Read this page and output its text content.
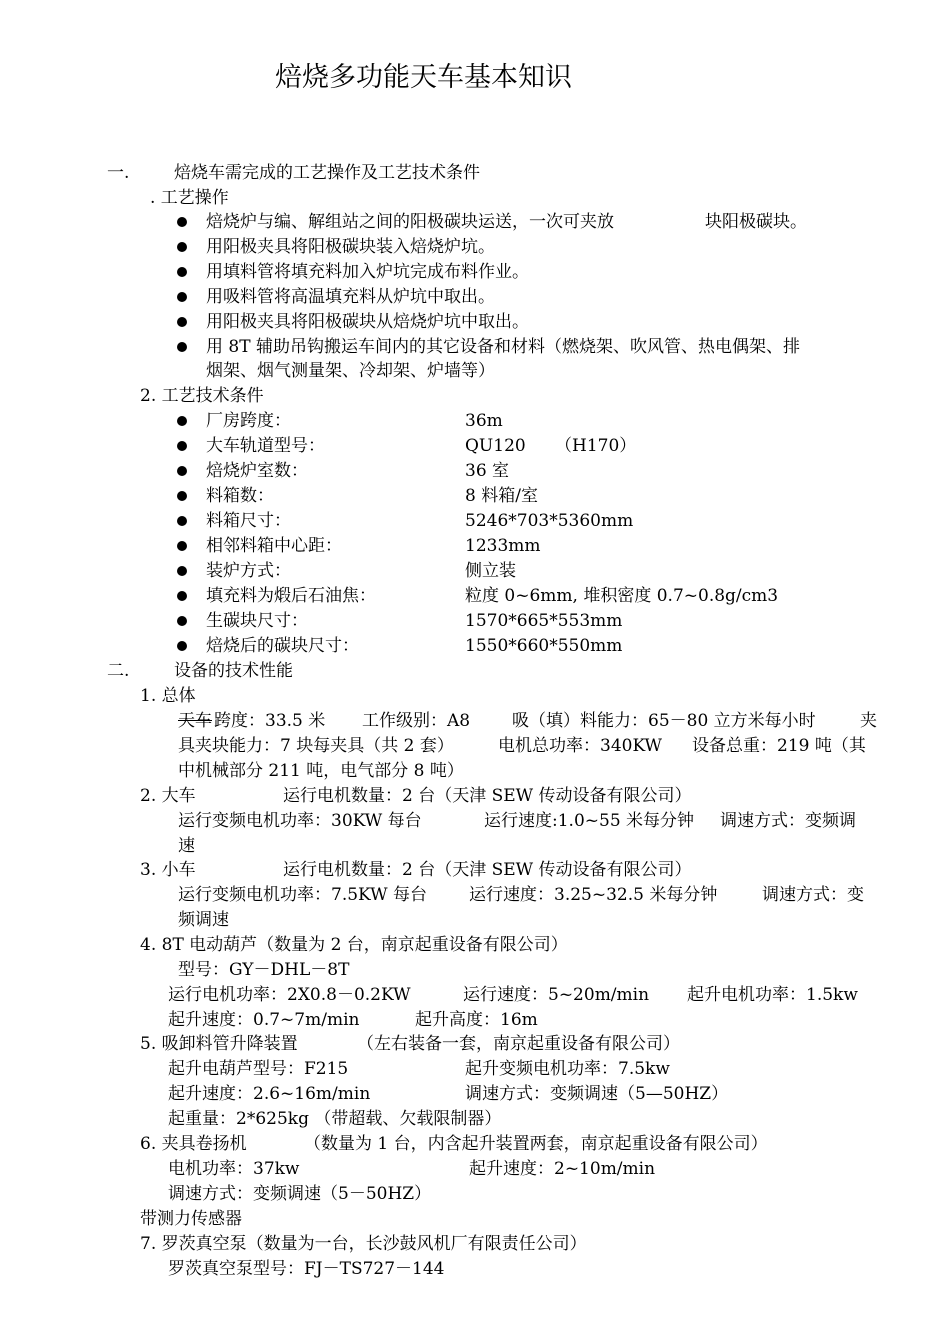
焙烧多功能天车基本知识
一.	焙烧车需完成的工艺操作及工艺技术条件
. 工艺操作
焙烧炉与编、解组站之间的阳极碳块运送，一次可夹放	块阳极碳块。
用阳极夹具将阳极碳块装入焙烧炉坑。
用填料管将填充料加入炉坑完成布料作业。
用吸料管将高温填充料从炉坑中取出。
用阳极夹具将阳极碳块从焙烧炉坑中取出。
用 8T 辅助吊钩搬运车间内的其它设备和材料（燃烧架、吹风管、热电偶架、排
烟架、烟气测量架、冷却架、炉墙等）
2. 工艺技术条件
厂房跨度：	36m
大车轨道型号：	QU120 （H170）
焙烧炉室数：	36 室
料箱数：	8 料箱/室
料箱尺寸：	5246*703*5360mm
相邻料箱中心距：	1233mm
装炉方式：	侧立装
填充料为煅后石油焦：	粒度 0~6mm, 堆积密度 0.7~0.8g/cm3
生碳块尺寸：	1570*665*553mm
焙烧后的碳块尺寸：	1550*660*550mm
二.	设备的技术性能
1. 总体
天车 跨度：33.5 米 工作级别：A8 吸（填）料能力：65－80 立方米每小时	夹
具夹块能力：7 块每夹具（共 2 套）	电机总功率：340KW 设备总重：219 吨（其
中机械部分 211 吨，电气部分 8 吨）
2. 大车	运行电机数量：2 台（天津 SEW 传动设备有限公司）
运行变频电机功率：30KW 每台	运行速度:1.0~55 米每分钟 调速方式：变频调
速
3. 小车	运行电机数量：2 台（天津 SEW 传动设备有限公司）
运行变频电机功率：7.5KW 每台 运行速度：3.25~32.5 米每分钟	调速方式：变
频调速
4. 8T 电动葫芦（数量为 2 台，南京起重设备有限公司）
型号：GY－DHL－8T
运行电机功率：2X0.8－0.2KW	运行速度：5~20m/min 起升电机功率：1.5kw
起升速度：0.7~7m/min	起升高度：16m
5. 吸卸料管升降装置	（左右装备一套，南京起重设备有限公司）
起升电葫芦型号：F215	起升变频电机功率：7.5kw
起升速度：2.6~16m/min	调速方式：变频调速（5—50HZ）
起重量：2*625kg （带超载、欠载限制器）
6. 夹具卷扬机	（数量为 1 台，内含起升装置两套，南京起重设备有限公司）
电机功率：37kw	起升速度：2~10m/min
调速方式：变频调速（5－50HZ）
带测力传感器
7. 罗茨真空泵（数量为一台，长沙鼓风机厂有限责任公司）
罗茨真空泵型号：FJ－TS727－144
